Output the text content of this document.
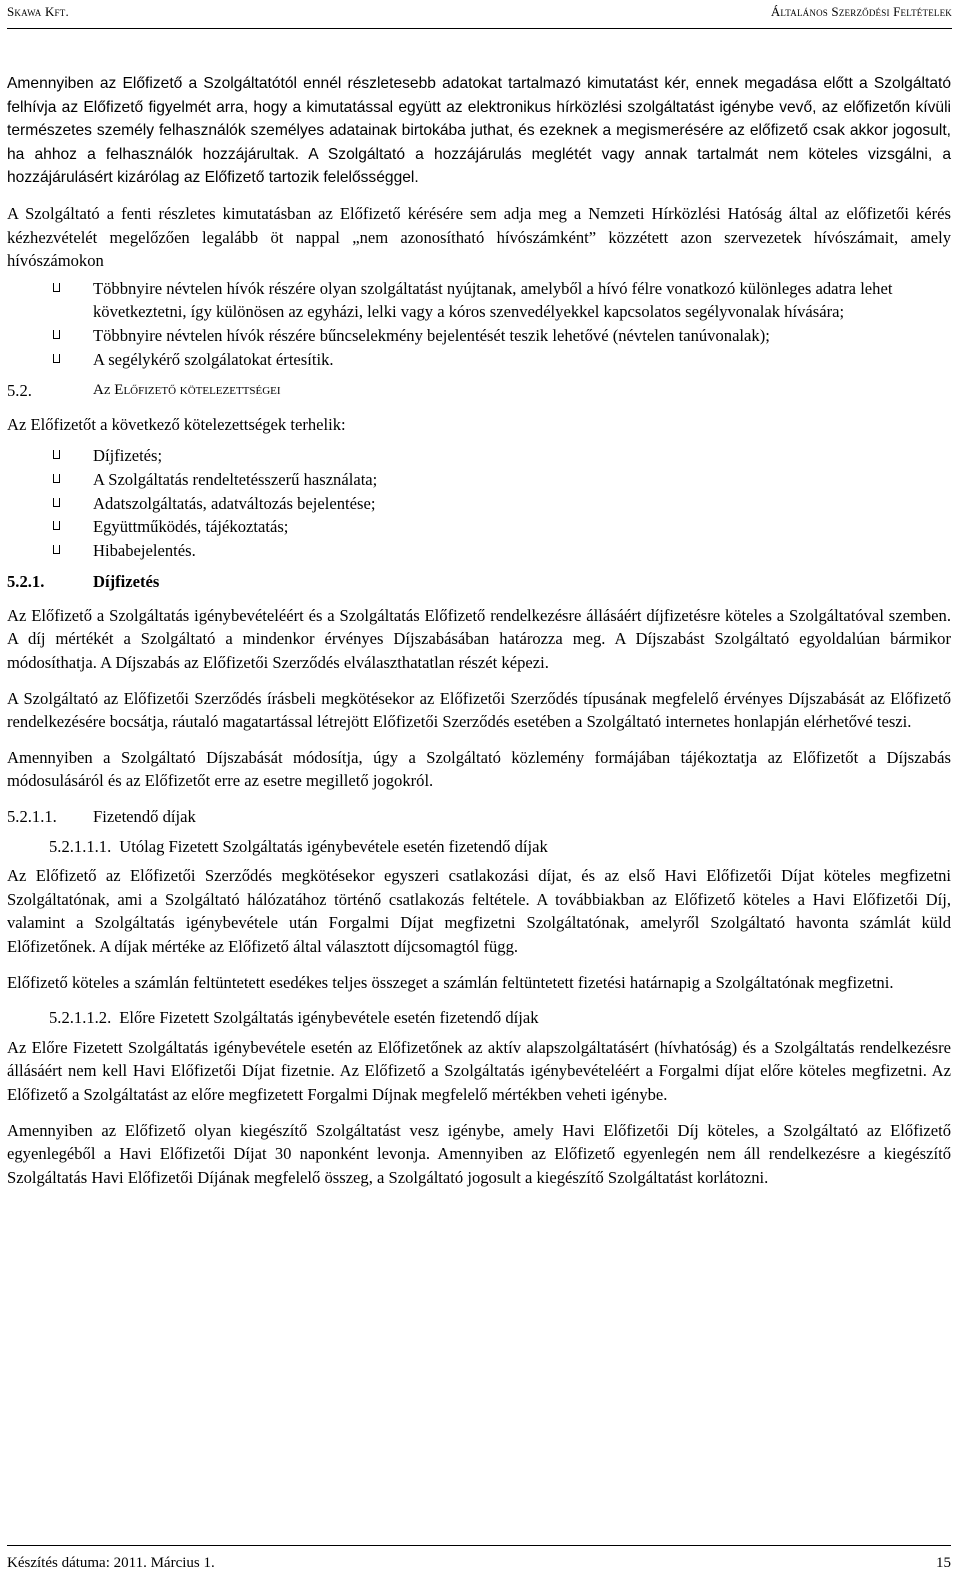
Skawa Kft.	Általános Szerződési Feltételek

Amennyiben az Előfizető a Szolgáltatótól ennél részletesebb adatokat tartalmazó kimutatást kér, ennek megadása előtt a Szolgáltató felhívja az Előfizető figyelmét arra, hogy a kimutatással együtt az elektronikus hírközlési szolgáltatást igénybe vevő, az előfizetőn kívüli természetes személy felhasználók személyes adatainak birtokába juthat, és ezeknek a megismerésére az előfizető csak akkor jogosult, ha ahhoz a felhasználók hozzájárultak. A Szolgáltató a hozzájárulás meglétét vagy annak tartalmát nem köteles vizsgálni, a hozzájárulásért kizárólag az Előfizető tartozik felelősséggel.

A Szolgáltató a fenti részletes kimutatásban az Előfizető kérésére sem adja meg a Nemzeti Hírközlési Hatóság által az előfizetői kérés kézhezvételét megelőzően legalább öt nappal „nem azonosítható hívószámként” közzétett azon szervezetek hívószámait, amely hívószámokon

Többnyire névtelen hívók részére olyan szolgáltatást nyújtanak, amelyből a hívó félre vonatkozó különleges adatra lehet következtetni, így különösen az egyházi, lelki vagy a kóros szenvedélyekkel kapcsolatos segélyvonalak hívására;
Többnyire névtelen hívók részére bűncselekmény bejelentését teszik lehetővé (névtelen tanúvonalak);
A segélykérő szolgálatokat értesítik.
5.2.	Az Előfizető kötelezettségei

Az Előfizetőt a következő kötelezettségek terhelik:

Díjfizetés;
A Szolgáltatás rendeltetésszerű használata;
Adatszolgáltatás, adatváltozás bejelentése;
Együttműködés, tájékoztatás;
Hibabejelentés.
5.2.1.	Díjfizetés

Az Előfizető a Szolgáltatás igénybevételéért és a Szolgáltatás Előfizető rendelkezésre állásáért díjfizetésre köteles a Szolgáltatóval szemben. A díj mértékét a Szolgáltató a mindenkor érvényes Díjszabásában határozza meg. A Díjszabást Szolgáltató egyoldalúan bármikor módosíthatja. A Díjszabás az Előfizetői Szerződés elválaszthatatlan részét képezi.

A Szolgáltató az Előfizetői Szerződés írásbeli megkötésekor az Előfizetői Szerződés típusának megfelelő érvényes Díjszabását az Előfizető rendelkezésére bocsátja, ráutaló magatartással létrejött Előfizetői Szerződés esetében a Szolgáltató internetes honlapján elérhetővé teszi.

Amennyiben a Szolgáltató Díjszabását módosítja, úgy a Szolgáltató közlemény formájában tájékoztatja az Előfizetőt a Díjszabás módosulásáról és az Előfizetőt erre az esetre megillető jogokról.

5.2.1.1.	Fizetendő díjak
5.2.1.1.1. Utólag Fizetett Szolgáltatás igénybevétele esetén fizetendő díjak

Az Előfizető az Előfizetői Szerződés megkötésekor egyszeri csatlakozási díjat, és az első Havi Előfizetői Díjat köteles megfizetni Szolgáltatónak, ami a Szolgáltató hálózatához történő csatlakozás feltétele. A továbbiakban az Előfizető köteles a Havi Előfizetői Díj, valamint a Szolgáltatás igénybevétele után Forgalmi Díjat megfizetni Szolgáltatónak, amelyről Szolgáltató havonta számlát küld Előfizetőnek. A díjak mértéke az Előfizető által választott díjcsomagtól függ.

Előfizető köteles a számlán feltüntetett esedékes teljes összeget a számlán feltüntetett fizetési határnapig a Szolgáltatónak megfizetni.

5.2.1.1.2. Előre Fizetett Szolgáltatás igénybevétele esetén fizetendő díjak

Az Előre Fizetett Szolgáltatás igénybevétele esetén az Előfizetőnek az aktív alapszolgáltatásért (hívhatóság) és a Szolgáltatás rendelkezésre állásáért nem kell Havi Előfizetői Díjat fizetnie. Az Előfizető a Szolgáltatás igénybevételéért a Forgalmi díjat előre köteles megfizetni. Az Előfizető a Szolgáltatást az előre megfizetett Forgalmi Díjnak megfelelő mértékben veheti igénybe.

Amennyiben az Előfizető olyan kiegészítő Szolgáltatást vesz igénybe, amely Havi Előfizetői Díj köteles, a Szolgáltató az Előfizető egyenlegéből a Havi Előfizetői Díjat 30 naponként levonja. Amennyiben az Előfizető egyenlegén nem áll rendelkezésre a kiegészítő Szolgáltatás Havi Előfizetői Díjának megfelelő összeg, a Szolgáltató jogosult a kiegészítő Szolgáltatást korlátozni.

Készítés dátuma: 2011. Március 1.	15
